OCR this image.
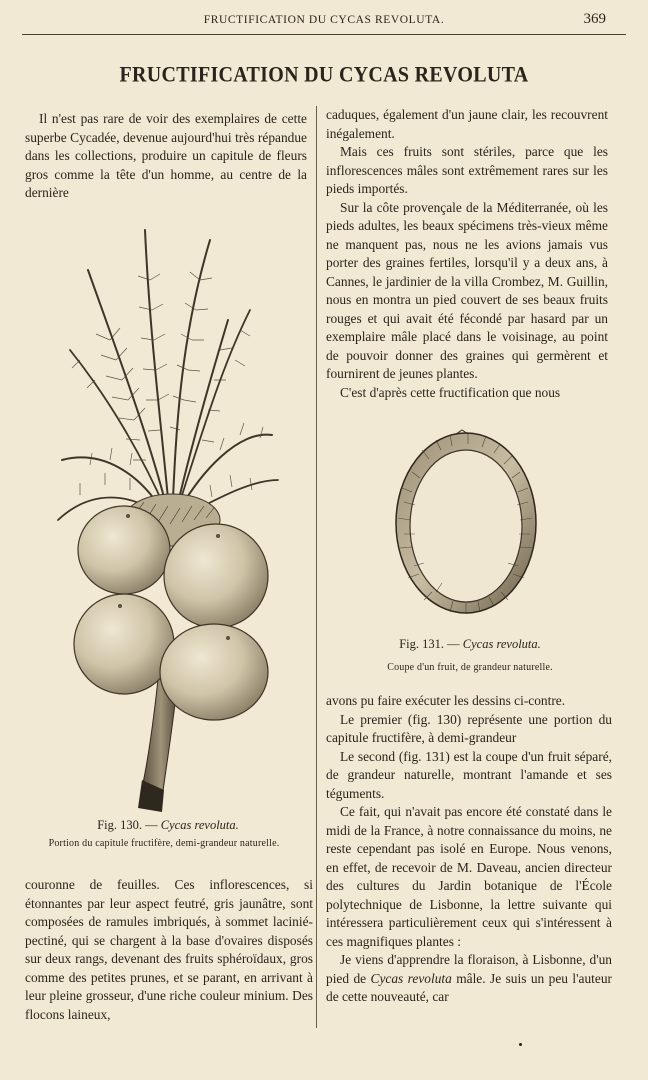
FRUCTIFICATION DU CYCAS REVOLUTA.	369
FRUCTIFICATION DU CYCAS REVOLUTA

Il n'est pas rare de voir des exemplaires de cette superbe Cycadée, devenue aujourd'hui très répandue dans les collections, produire un capitule de fleurs gros comme la tête d'un homme, au centre de la dernière

Fig. 130. — Cycas revoluta.
Portion du capitule fructifère, demi-grandeur naturelle.

couronne de feuilles. Ces inflorescences, si étonnantes par leur aspect feutré, gris jaunâtre, sont composées de ramules imbriqués, à sommet lacinié-pectiné, qui se chargent à la base d'ovaires disposés sur deux rangs, devenant des fruits sphéroïdaux, gros comme des petites prunes, et se parant, en arrivant à leur pleine grosseur, d'une riche couleur minium. Des flocons laineux,

caduques, également d'un jaune clair, les recouvrent inégalement.

Mais ces fruits sont stériles, parce que les inflorescences mâles sont extrêmement rares sur les pieds importés.

Sur la côte provençale de la Méditerranée, où les pieds adultes, les beaux spécimens très-vieux même ne manquent pas, nous ne les avions jamais vus porter des graines fertiles, lorsqu'il y a deux ans, à Cannes, le jardinier de la villa Crombez, M. Guillin, nous en montra un pied couvert de ses beaux fruits rouges et qui avait été fécondé par hasard par un exemplaire mâle placé dans le voisinage, au point de pouvoir donner des graines qui germèrent et fournirent de jeunes plantes.

C'est d'après cette fructification que nous

Fig. 131. — Cycas revoluta.
Coupe d'un fruit, de grandeur naturelle.

avons pu faire exécuter les dessins ci-contre.

Le premier (fig. 130) représente une portion du capitule fructifère, à demi-grandeur

Le second (fig. 131) est la coupe d'un fruit séparé, de grandeur naturelle, montrant l'amande et ses téguments.

Ce fait, qui n'avait pas encore été constaté dans le midi de la France, à notre connaissance du moins, ne reste cependant pas isolé en Europe. Nous venons, en effet, de recevoir de M. Daveau, ancien directeur des cultures du Jardin botanique de l'École polytechnique de Lisbonne, la lettre suivante qui intéressera particulièrement ceux qui s'intéressent à ces magnifiques plantes :

Je viens d'apprendre la floraison, à Lisbonne, d'un pied de Cycas revoluta mâle. Je suis un peu l'auteur de cette nouveauté, car
